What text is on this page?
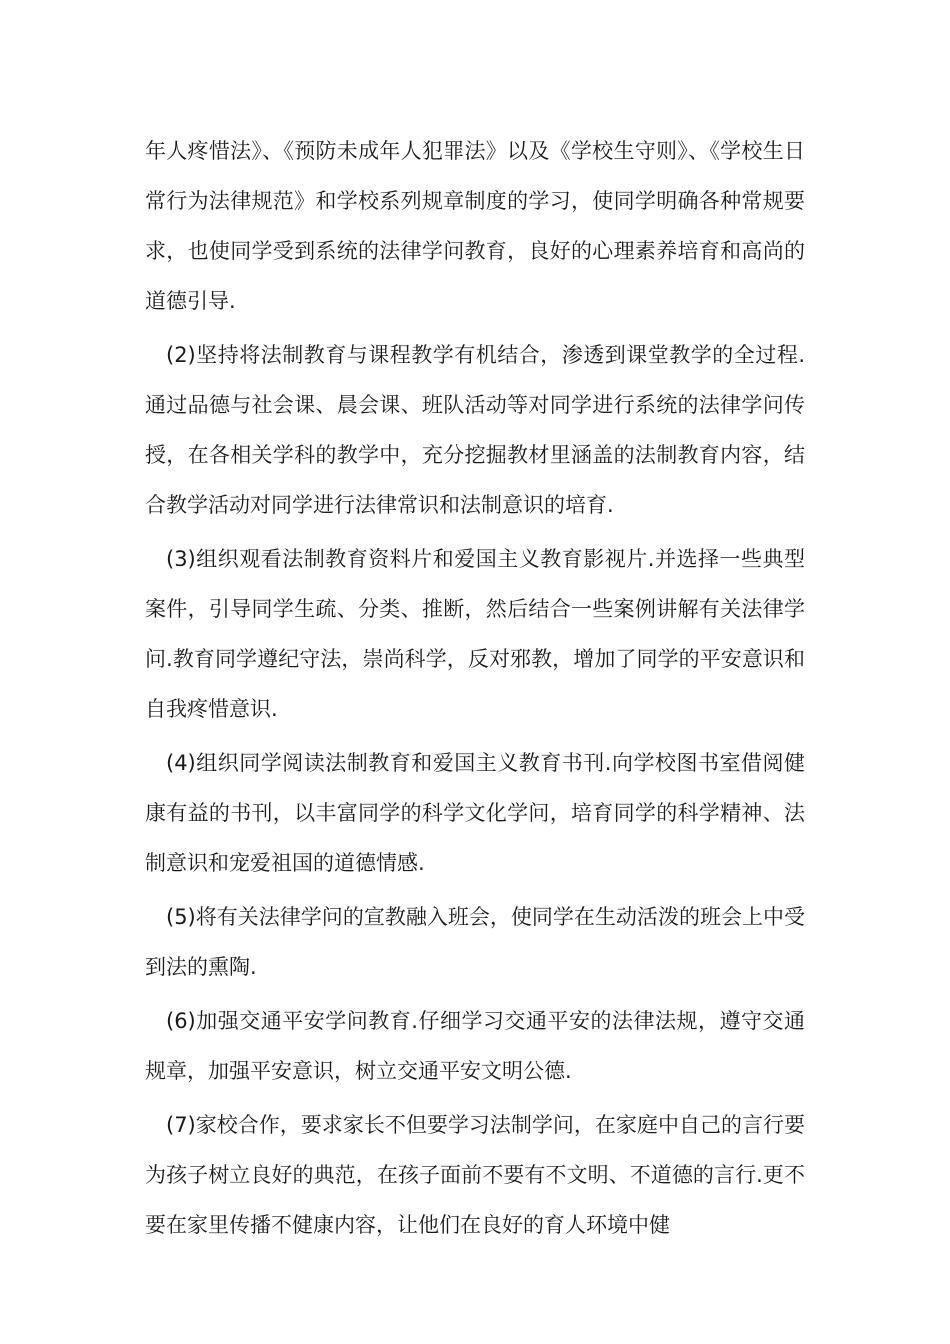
年人疼惜法》、《预防未成年人犯罪法》以及《学校生守则》、《学校生日常行为法律规范》和学校系列规章制度的学习，使同学明确各种常规要求，也使同学受到系统的法律学问教育，良好的心理素养培育和高尚的道德引导.

(2)坚持将法制教育与课程教学有机结合，渗透到课堂教学的全过程.通过品德与社会课、晨会课、班队活动等对同学进行系统的法律学问传授，在各相关学科的教学中，充分挖掘教材里涵盖的法制教育内容，结合教学活动对同学进行法律常识和法制意识的培育.

(3)组织观看法制教育资料片和爱国主义教育影视片.并选择一些典型案件，引导同学生疏、分类、推断，然后结合一些案例讲解有关法律学问.教育同学遵纪守法，崇尚科学，反对邪教，增加了同学的平安意识和自我疼惜意识.

(4)组织同学阅读法制教育和爱国主义教育书刊.向学校图书室借阅健康有益的书刊，以丰富同学的科学文化学问，培育同学的科学精神、法制意识和宠爱祖国的道德情感.

(5)将有关法律学问的宣教融入班会，使同学在生动活泼的班会上中受到法的熏陶.

(6)加强交通平安学问教育.仔细学习交通平安的法律法规，遵守交通规章，加强平安意识，树立交通平安文明公德.

(7)家校合作，要求家长不但要学习法制学问，在家庭中自己的言行要为孩子树立良好的典范，在孩子面前不要有不文明、不道德的言行.更不要在家里传播不健康内容，让他们在良好的育人环境中健
